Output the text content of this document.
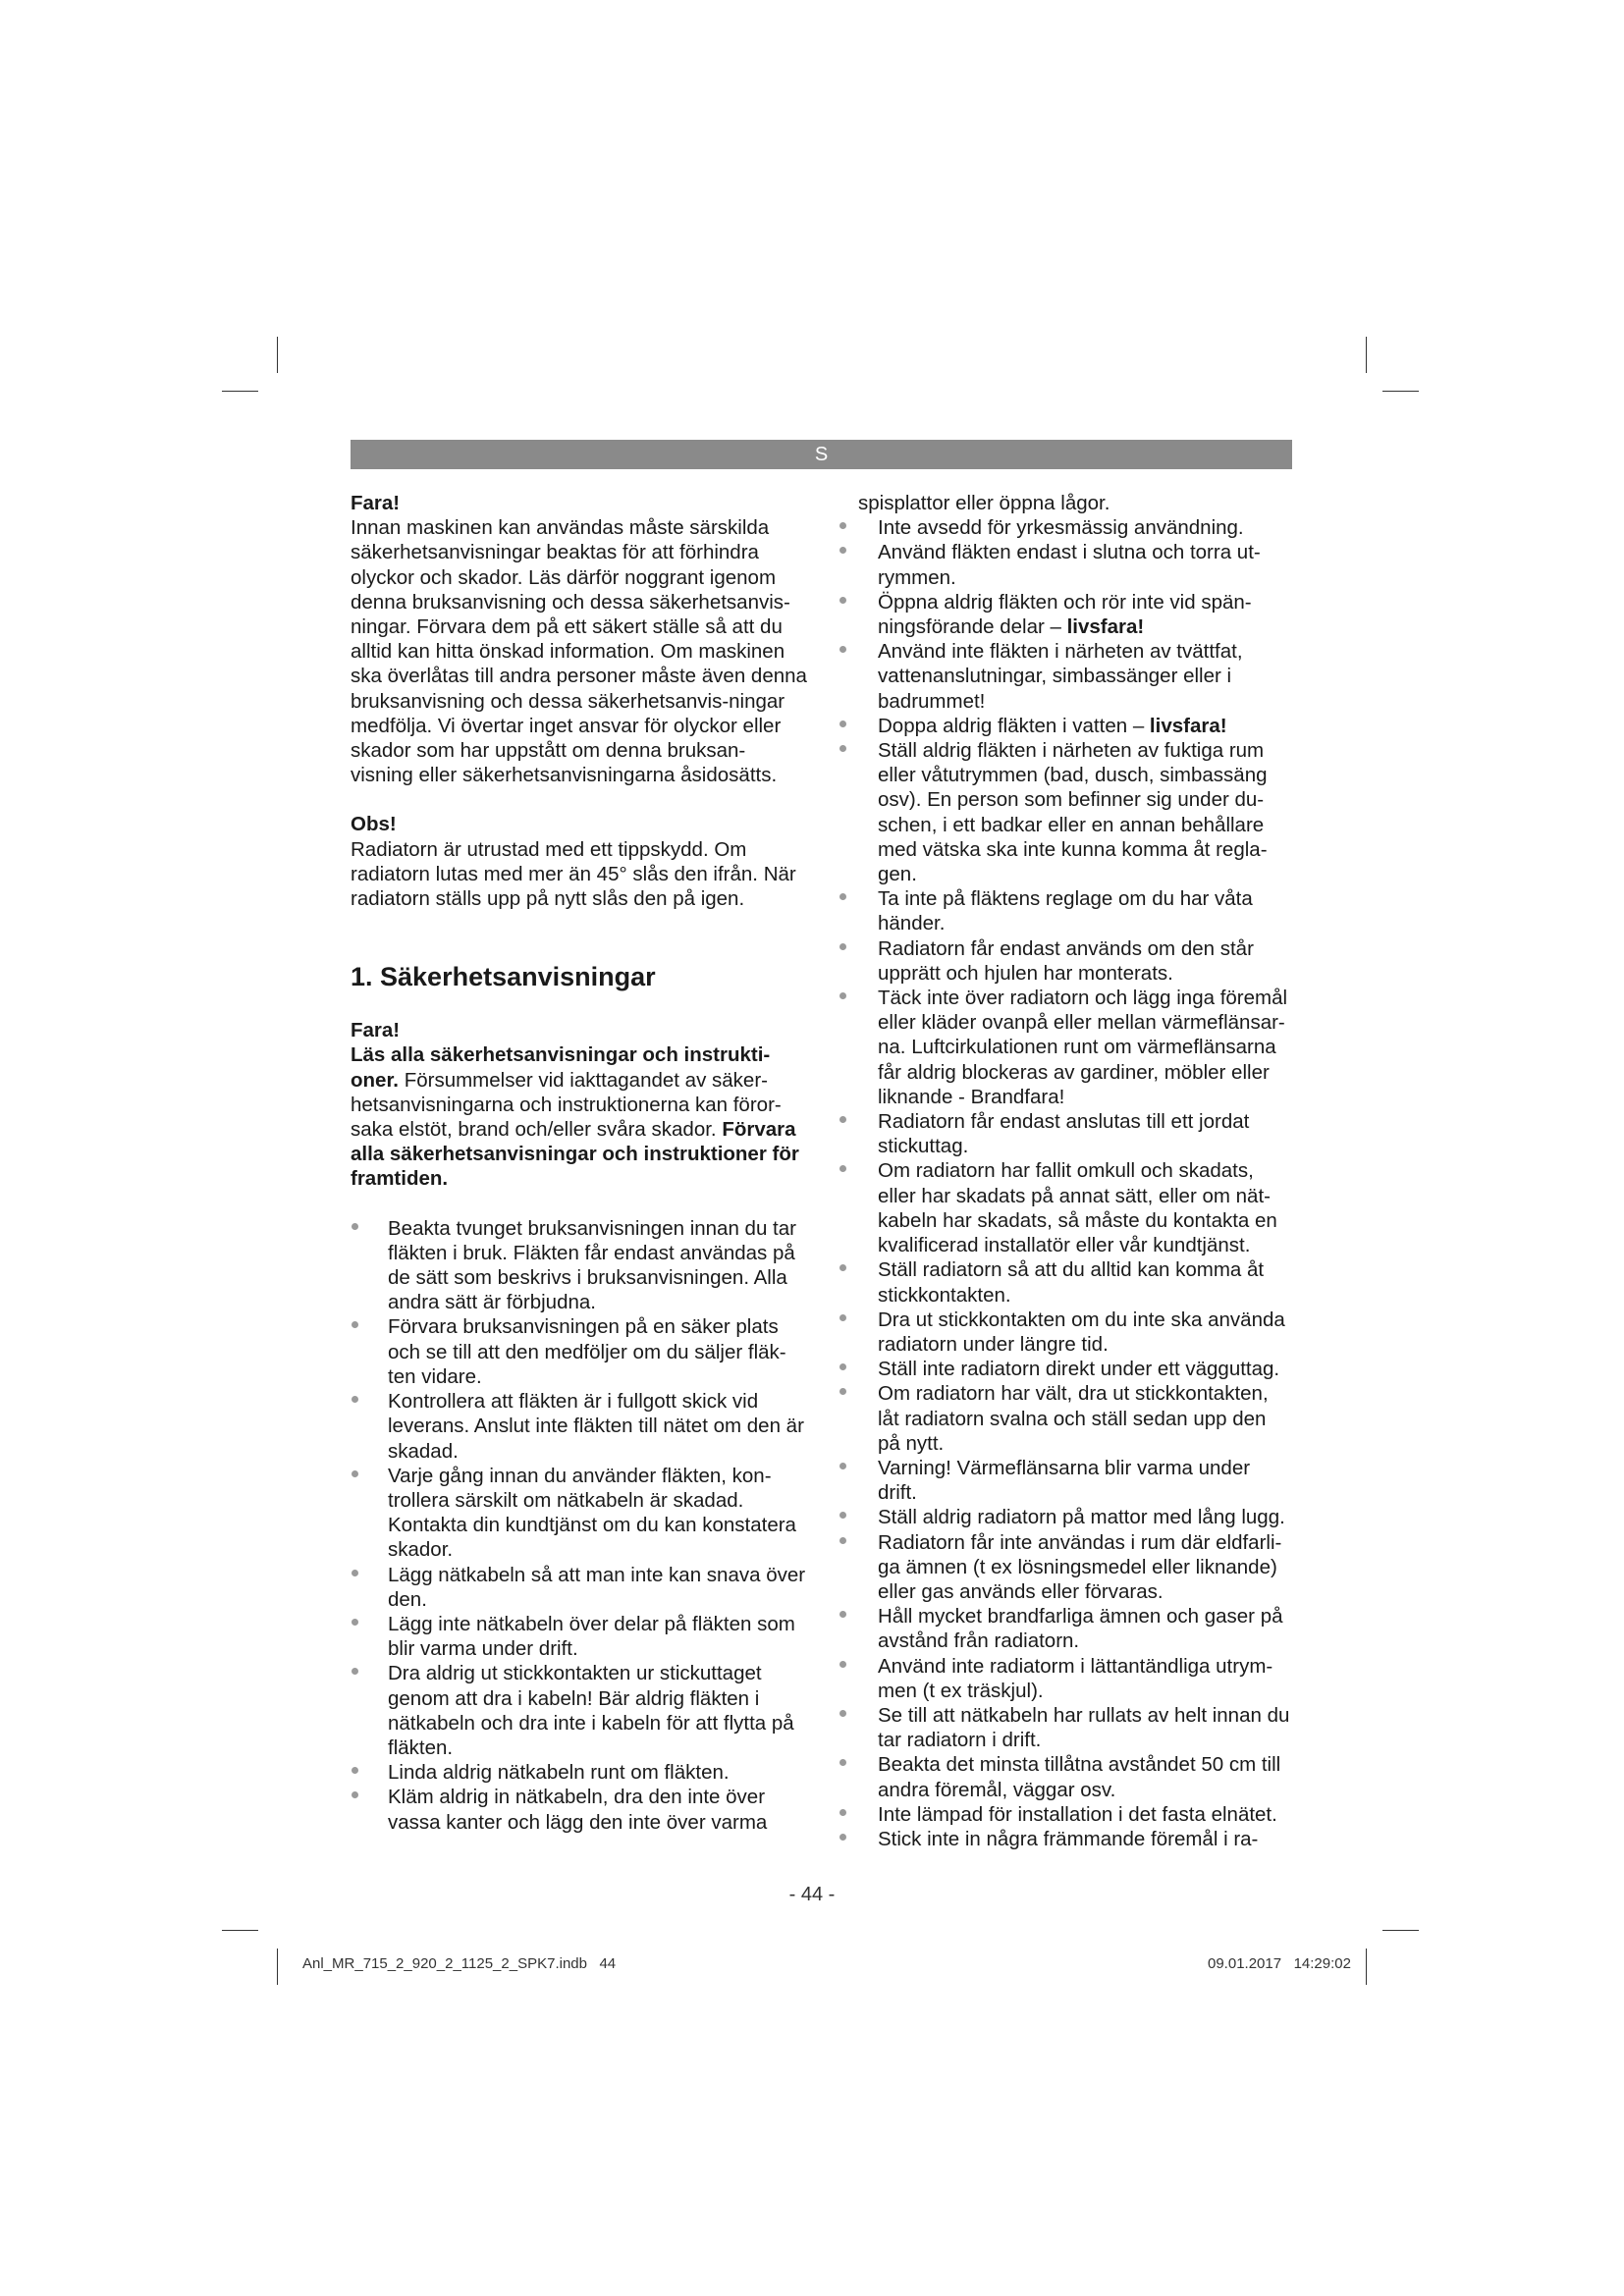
S

Fara!

Innan maskinen kan användas måste särskilda säkerhetsanvisningar beaktas för att förhindra olyckor och skador. Läs därför noggrant igenom denna bruksanvisning och dessa säkerhetsanvis-ningar. Förvara dem på ett säkert ställe så att du alltid kan hitta önskad information. Om maskinen ska överlåtas till andra personer måste även denna bruksanvisning och dessa säkerhetsanvis-ningar medfölja. Vi övertar inget ansvar för olyckor eller skador som har uppstått om denna bruksan-visning eller säkerhetsanvisningarna åsidosätts.

Obs!

Radiatorn är utrustad med ett tippskydd. Om radiatorn lutas med mer än 45° slås den ifrån. När radiatorn ställs upp på nytt slås den på igen.

1. Säkerhetsanvisningar

Fara!

Läs alla säkerhetsanvisningar och instrukti-oner. Försummelser vid iakttagandet av säker-hetsanvisningarna och instruktionerna kan föror-saka elstöt, brand och/eller svåra skador. Förvara alla säkerhetsanvisningar och instruktioner för framtiden.

Beakta tvunget bruksanvisningen innan du tar fläkten i bruk. Fläkten får endast användas på de sätt som beskrivs i bruksanvisningen. Alla andra sätt är förbjudna.
Förvara bruksanvisningen på en säker plats och se till att den medföljer om du säljer fläk-ten vidare.
Kontrollera att fläkten är i fullgott skick vid leverans. Anslut inte fläkten till nätet om den är skadad.
Varje gång innan du använder fläkten, kon-trollera särskilt om nätkabeln är skadad. Kontakta din kundtjänst om du kan konstatera skador.
Lägg nätkabeln så att man inte kan snava över den.
Lägg inte nätkabeln över delar på fläkten som blir varma under drift.
Dra aldrig ut stickkontakten ur stickuttaget genom att dra i kabeln! Bär aldrig fläkten i nätkabeln och dra inte i kabeln för att flytta på fläkten.
Linda aldrig nätkabeln runt om fläkten.
Kläm aldrig in nätkabeln, dra den inte över vassa kanter och lägg den inte över varma

spisplattor eller öppna lågor.

Inte avsedd för yrkesmässig användning.
Använd fläkten endast i slutna och torra ut-rymmen.
Öppna aldrig fläkten och rör inte vid spän-ningsförande delar – livsfara!
Använd inte fläkten i närheten av tvättfat, vattenanslutningar, simbassänger eller i badrummet!
Doppa aldrig fläkten i vatten – livsfara!
Ställ aldrig fläkten i närheten av fuktiga rum eller våtutrymmen (bad, dusch, simbassäng osv). En person som befinner sig under du-schen, i ett badkar eller en annan behållare med vätska ska inte kunna komma åt regla-gen.
Ta inte på fläktens reglage om du har våta händer.
Radiatorn får endast används om den står upprätt och hjulen har monterats.
Täck inte över radiatorn och lägg inga föremål eller kläder ovanpå eller mellan värmeflänsar-na. Luftcirkulationen runt om värmeflänsarna får aldrig blockeras av gardiner, möbler eller liknande - Brandfara!
Radiatorn får endast anslutas till ett jordat stickuttag.
Om radiatorn har fallit omkull och skadats, eller har skadats på annat sätt, eller om nät-kabeln har skadats, så måste du kontakta en kvalificerad installatör eller vår kundtjänst.
Ställ radiatorn så att du alltid kan komma åt stickkontakten.
Dra ut stickkontakten om du inte ska använda radiatorn under längre tid.
Ställ inte radiatorn direkt under ett vägguttag.
Om radiatorn har vält, dra ut stickkontakten, låt radiatorn svalna och ställ sedan upp den på nytt.
Varning! Värmeflänsarna blir varma under drift.
Ställ aldrig radiatorn på mattor med lång lugg.
Radiatorn får inte användas i rum där eldfarli-ga ämnen (t ex lösningsmedel eller liknande) eller gas används eller förvaras.
Håll mycket brandfarliga ämnen och gaser på avstånd från radiatorn.
Använd inte radiatorm i lättantändliga utrym-men (t ex träskjul).
Se till att nätkabeln har rullats av helt innan du tar radiatorn i drift.
Beakta det minsta tillåtna avståndet 50 cm till andra föremål, väggar osv.
Inte lämpad för installation i det fasta elnätet.
Stick inte in några främmande föremål i ra-
- 44 -
Anl_MR_715_2_920_2_1125_2_SPK7.indb   44	09.01.2017   14:29:02
